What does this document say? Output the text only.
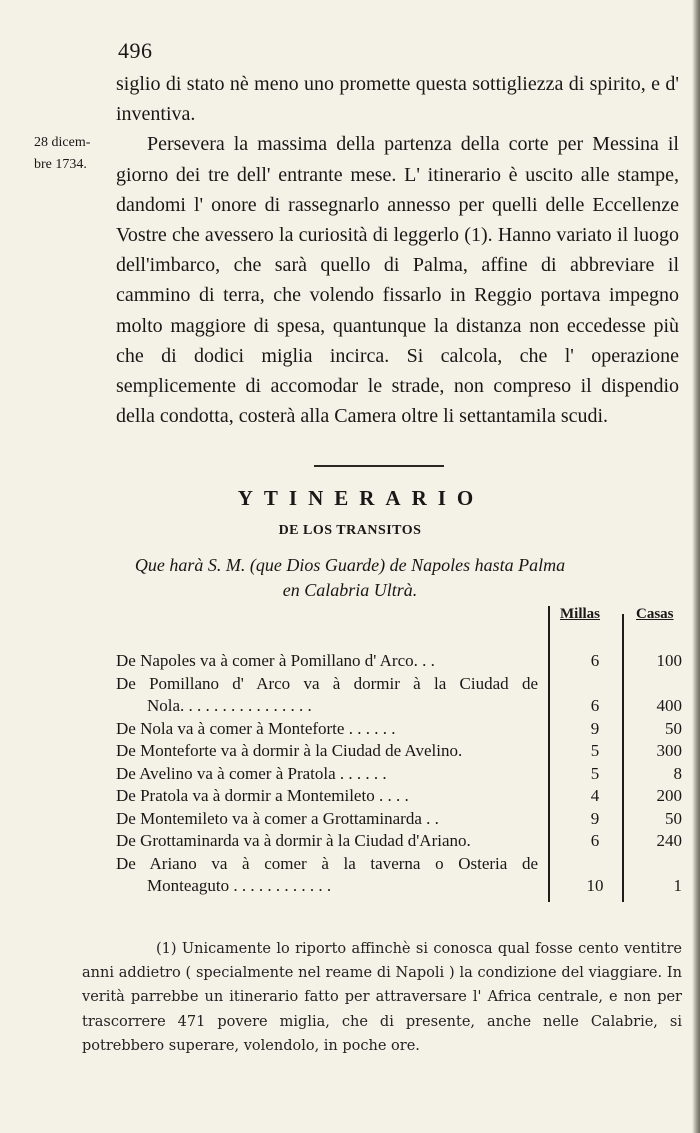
496
28 dicem-
bre 1734.

siglio di stato nè meno uno promette questa sottigliezza di spirito, e d' inventiva.

Persevera la massima della partenza della corte per Messina il giorno dei tre dell' entrante mese. L' itinerario è uscito alle stampe, dandomi l' onore di rassegnarlo annesso per quelli delle Eccellenze Vostre che avessero la curiosità di leggerlo (1). Hanno variato il luogo dell'imbarco, che sarà quello di Palma, affine di abbreviare il cammino di terra, che volendo fissarlo in Reggio portava impegno molto maggiore di spesa, quantunque la distanza non eccedesse più che di dodici miglia incirca. Si calcola, che l' operazione semplicemente di accomodar le strade, non compreso il dispendio della condotta, costerà alla Camera oltre li settantamila scudi.

YTINERARIO
DE LOS TRANSITOS
Que harà S. M. (que Dios Guarde) de Napoles hasta Palma
en Calabria Ultrà.
Millas Casas
De Napoles va à comer à Pomillano d' Arco. . .	6	100
De Pomillano d' Arco va à dormir à la Ciudad de
Nola. . . . . . . . . . . . . . . .	6	400
De Nola va à comer à Monteforte . . . . . .	9	50
De Monteforte va à dormir à la Ciudad de Avelino.	5	300
De Avelino va à comer à Pratola . . . . . .	5	8
De Pratola va à dormir a Montemileto . . . .	4	200
De Montemileto va à comer a Grottaminarda . .	9	50
De Grottaminarda va à dormir à la Ciudad d'Ariano.	6	240
De Ariano va à comer à la taverna o Osteria de
Monteaguto . . . . . . . . . . . .	10	1

(1) Unicamente lo riporto affinchè si conosca qual fosse cento ventitre anni addietro ( specialmente nel reame di Napoli ) la condizione del viaggiare. In verità parrebbe un itinerario fatto per attraversare l' Africa centrale, e non per trascorrere 471 povere miglia, che di presente, anche nelle Calabrie, si potrebbero superare, volendolo, in poche ore.
